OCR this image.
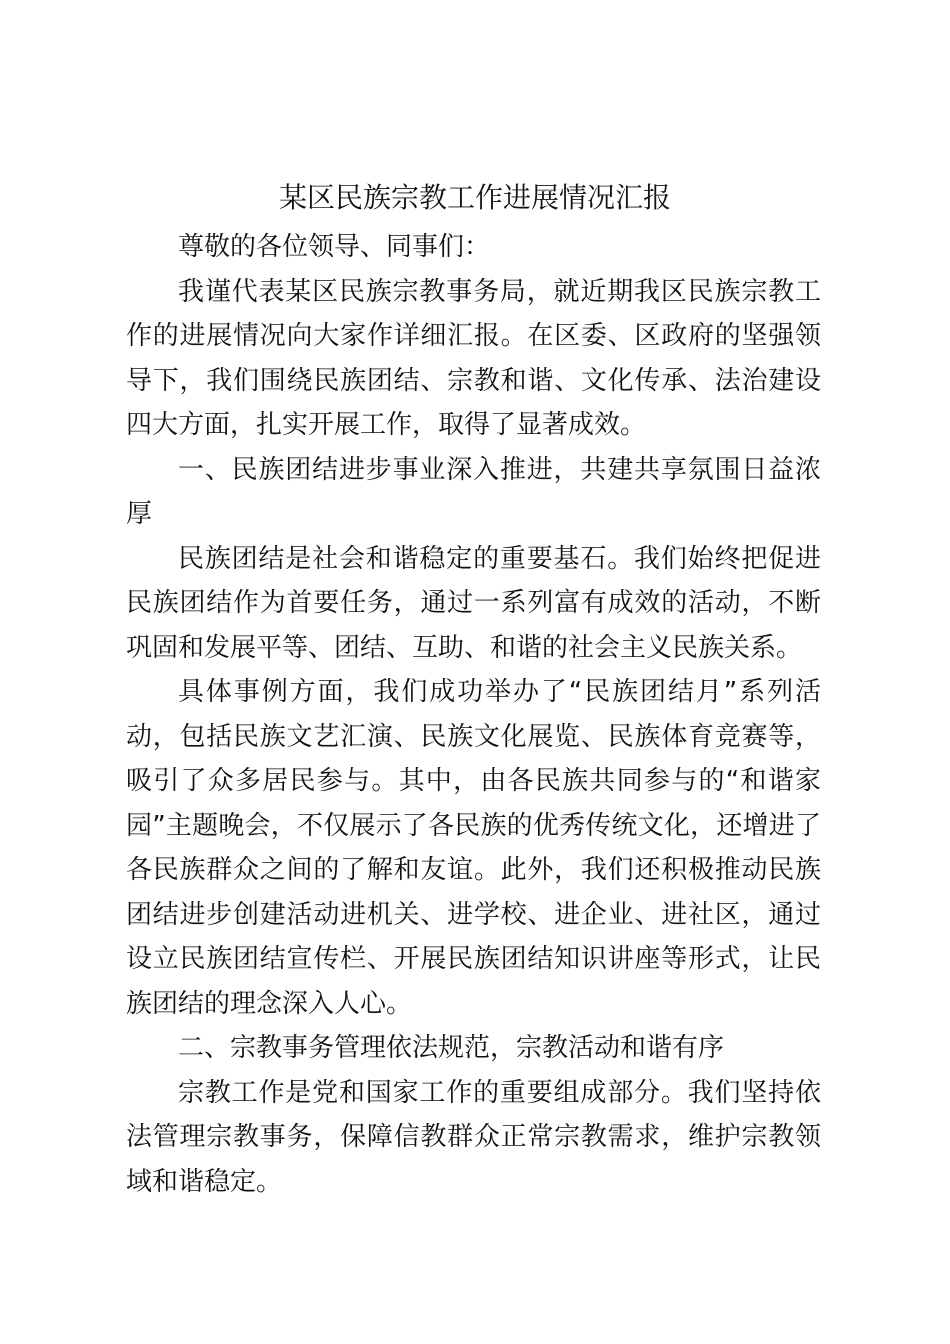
某区民族宗教工作进展情况汇报

尊敬的各位领导、同事们：

我谨代表某区民族宗教事务局，就近期我区民族宗教工作的进展情况向大家作详细汇报。在区委、区政府的坚强领导下，我们围绕民族团结、宗教和谐、文化传承、法治建设四大方面，扎实开展工作，取得了显著成效。

一、民族团结进步事业深入推进，共建共享氛围日益浓厚

民族团结是社会和谐稳定的重要基石。我们始终把促进民族团结作为首要任务，通过一系列富有成效的活动，不断巩固和发展平等、团结、互助、和谐的社会主义民族关系。

具体事例方面，我们成功举办了“民族团结月”系列活动，包括民族文艺汇演、民族文化展览、民族体育竞赛等，吸引了众多居民参与。其中，由各民族共同参与的“和谐家园”主题晚会，不仅展示了各民族的优秀传统文化，还增进了各民族群众之间的了解和友谊。此外，我们还积极推动民族团结进步创建活动进机关、进学校、进企业、进社区，通过设立民族团结宣传栏、开展民族团结知识讲座等形式，让民族团结的理念深入人心。

二、宗教事务管理依法规范，宗教活动和谐有序

宗教工作是党和国家工作的重要组成部分。我们坚持依法管理宗教事务，保障信教群众正常宗教需求，维护宗教领域和谐稳定。
